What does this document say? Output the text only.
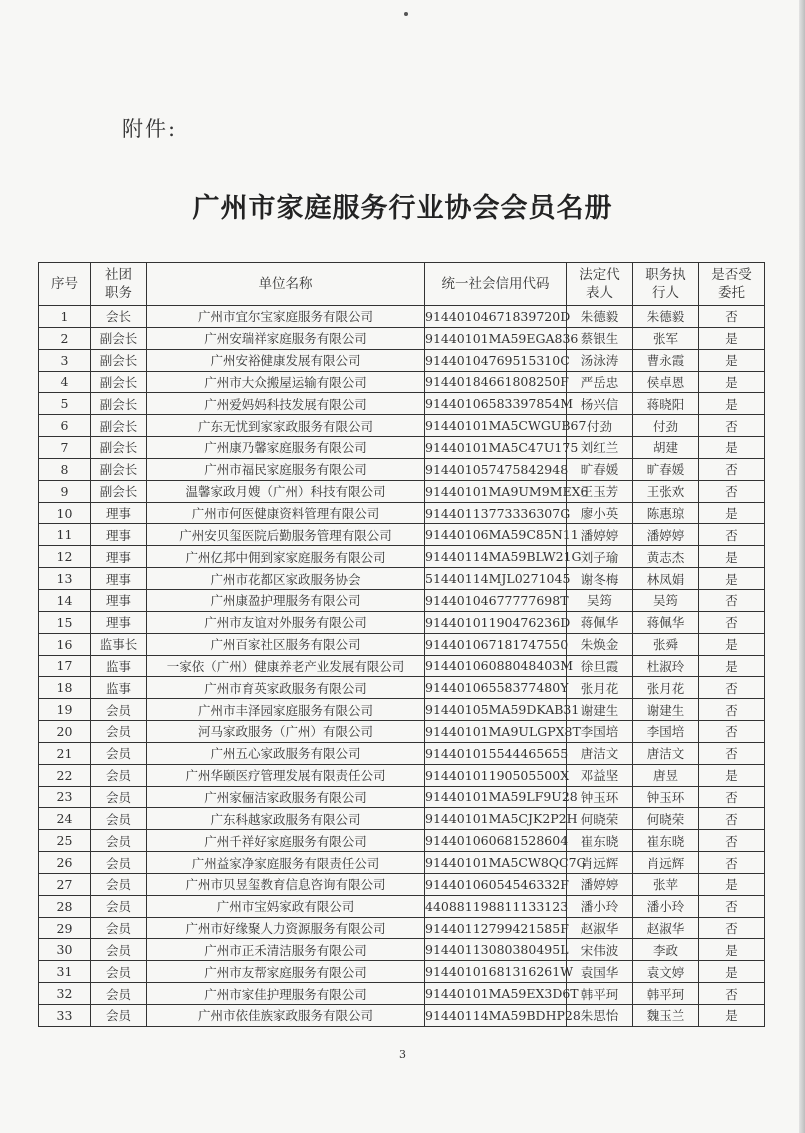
附件:
广州市家庭服务行业协会会员名册
序号	社团职务	单位名称	统一社会信用代码	法定代表人	职务执行人	是否受委托
1	会长	广州市宜尔宝家庭服务有限公司	91440104671839720D	朱德毅	朱德毅	否
2	副会长	广州安瑞祥家庭服务有限公司	91440101MA59EGA836	蔡银生	张军	是
3	副会长	广州安裕健康发展有限公司	91440104769515310C	汤泳涛	曹永霞	是
4	副会长	广州市大众搬屋运输有限公司	91440184661808250F	严岳忠	侯卓恩	是
5	副会长	广州爱妈妈科技发展有限公司	91440106583397854M	杨兴信	蒋晓阳	是
6	副会长	广东无忧到家家政服务有限公司	91440101MA5CWGUB67	付劲	付劲	否
7	副会长	广州康乃馨家庭服务有限公司	91440101MA5C47U175	刘红兰	胡建	是
8	副会长	广州市福民家庭服务有限公司	91440105747584294​8	旷春媛	旷春媛	否
9	副会长	温馨家政月嫂（广州）科技有限公司	91440101MA9UM9MEX6	王玉芳	王张欢	否
10	理事	广州市何医健康资料管理有限公司	91440113773336307G	廖小英	陈惠琼	是
11	理事	广州安贝玺医院后勤服务管理有限公司	91440106MA59C85N11	潘婷婷	潘婷婷	否
12	理事	广州亿邦中佣到家家庭服务有限公司	91440114MA59BLW21G	刘子瑜	黄志杰	是
13	理事	广州市花都区家政服务协会	51440114MJL0271045	谢冬梅	林凤娟	是
14	理事	广州康盈护理服务有限公司	91440104677777698T	吴筠	吴筠	否
15	理事	广州市友谊对外服务有限公司	91440101190476236D	蒋佩华	蒋佩华	否
16	监事长	广州百家社区服务有限公司	91440106718174755​0	朱焕金	张舜	是
17	监事	一家依（广州）健康养老产业发展有限公司	91440106088048403M	徐旦霞	杜淑玲	是
18	监事	广州市育英家政服务有限公司	91440106558377480Y	张月花	张月花	否
19	会员	广州市丰泽园家庭服务有限公司	91440105MA59DKAB31	谢建生	谢建生	否
20	会员	河马家政服务（广州）有限公司	91440101MA9ULGPX8T	李国培	李国培	否
21	会员	广州五心家政服务有限公司	91440101554446565​5	唐洁文	唐洁文	否
22	会员	广州华颐医疗管理发展有限责任公司	91440101190505500X	邓益坚	唐昱	是
23	会员	广州家俪洁家政服务有限公司	91440101MA59LF9U28	钟玉环	钟玉环	否
24	会员	广东科越家政服务有限公司	91440101MA5CJK2P2H	何晓荣	何晓荣	否
25	会员	广州千祥好家庭服务有限公司	91440106068152860​4	崔东晓	崔东晓	否
26	会员	广州益家净家庭服务有限责任公司	91440101MA5CW8QC7G	肖远辉	肖远辉	否
27	会员	广州市贝昱玺教育信息咨询有限公司	91440106054546332F	潘婷婷	张苹	是
28	会员	广州市宝妈家政有限公司	440881198811133123	潘小玲	潘小玲	否
29	会员	广州市好缘聚人力资源服务有限公司	91440112799421585F	赵淑华	赵淑华	否
30	会员	广州市正禾清洁服务有限公司	91440113080380495L	宋伟波	李政	是
31	会员	广州市友帮家庭服务有限公司	91440101681316261W	袁国华	袁文婷	是
32	会员	广州市家佳护理服务有限公司	91440101MA59EX3D6T	韩平珂	韩平珂	否
33	会员	广州市依佳族家政服务有限公司	91440114MA59BDHP28	朱思怡	魏玉兰	是
3
